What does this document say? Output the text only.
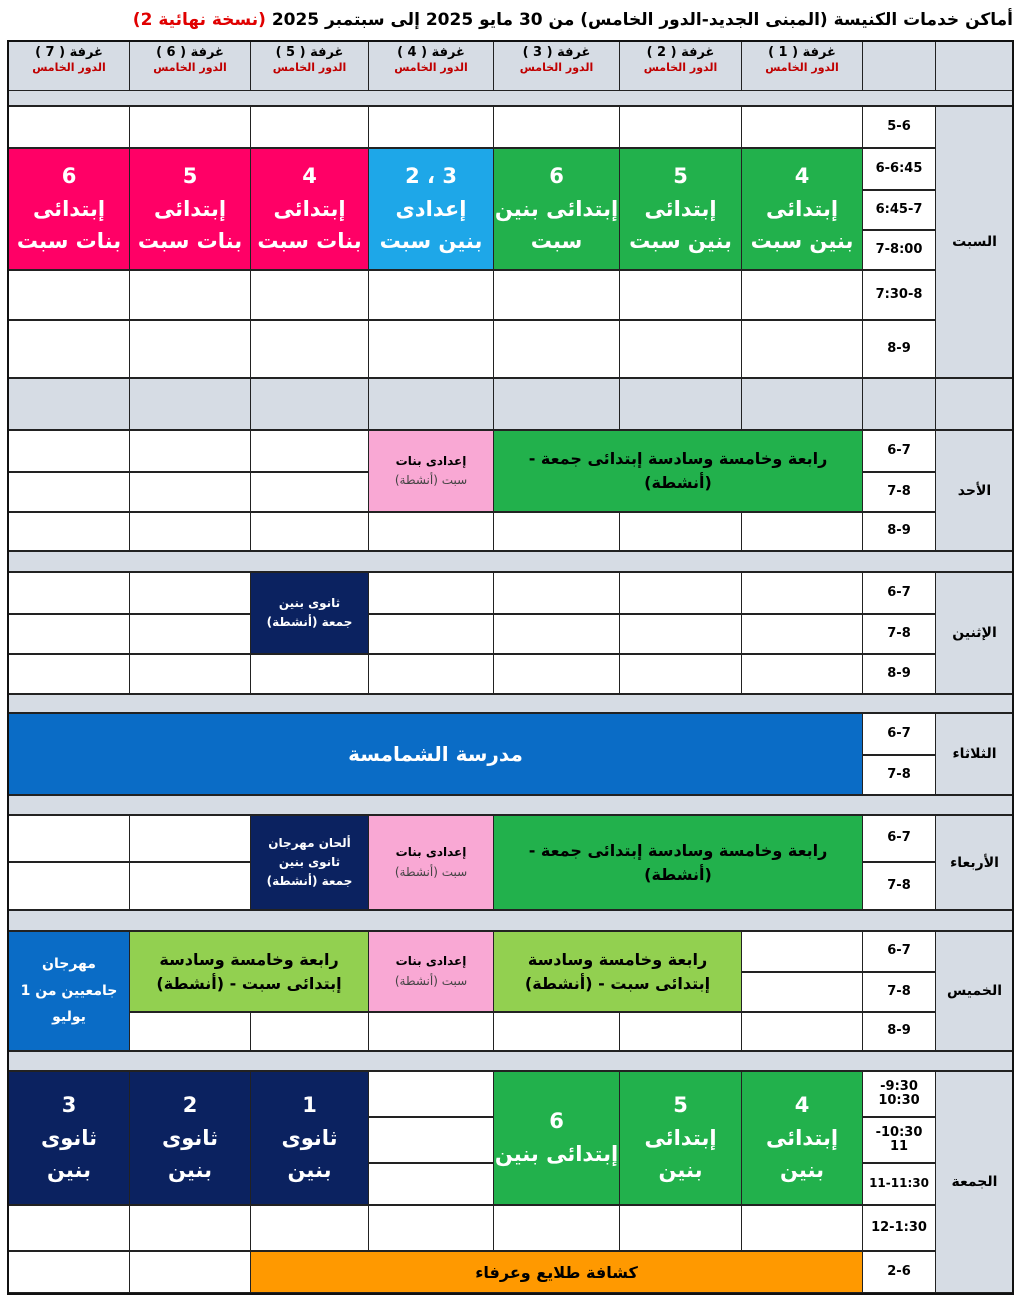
أماكن خدمات الكنيسة (المبنى الجديد-الدور الخامس) من 30 مايو 2025 إلى سبتمبر 2025 (نسخة نهائية 2)
غرفة ( 1 )
الدور الخامس
غرفة ( 2 )
الدور الخامس
غرفة ( 3 )
الدور الخامس
غرفة ( 4 )
الدور الخامس
غرفة ( 5 )
الدور الخامس
غرفة ( 6 )
الدور الخامس
غرفة ( 7 )
الدور الخامس
السبت
5-6
6-6:45
6:45-7
7-8:00
7:30-8
8-9
4
إبتدائى
بنين سبت
5
إبتدائى
بنين سبت
6
إبتدائى بنين
سبت
3 ، 2
إعدادى
بنين سبت
4
إبتدائى
بنات سبت
5
إبتدائى
بنات سبت
6
إبتدائى
بنات سبت
الأحد
6-7
7-8
8-9
رابعة وخامسة وسادسة إبتدائى جمعة -
(أنشطة)
إعدادى بنات
سبت (أنشطة)
الإثنين
6-7
7-8
8-9
ثانوى بنين
جمعة (أنشطة)
الثلاثاء
6-7
7-8
مدرسة الشمامسة
الأربعاء
6-7
7-8
رابعة وخامسة وسادسة إبتدائى جمعة -
(أنشطة)
إعدادى بنات
سبت (أنشطة)
ألحان مهرجان
ثانوى بنين
جمعة (أنشطة)
الخميس
6-7
7-8
8-9
رابعة وخامسة وسادسة
إبتدائى سبت - (أنشطة)
إعدادى بنات
سبت (أنشطة)
رابعة وخامسة وسادسة
إبتدائى سبت - (أنشطة)
مهرجان
جامعيين من 1
يوليو
الجمعة
9:30-
10:30
10:30-
11
11-11:30
12-1:30
2-6
4
إبتدائى
بنين
5
إبتدائى
بنين
6
إبتدائى بنين
1
ثانوى
بنين
2
ثانوى
بنين
3
ثانوى
بنين
كشافة طلايع وعرفاء
